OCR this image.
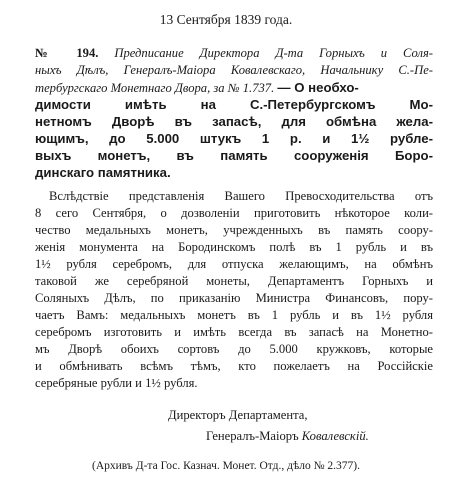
13 Сентября 1839 года.
№ 194. Предписание Директора Д-та Горныхъ и Соля-
ныхъ Дѣлъ, Генералъ-Маіора Ковалевскаго, Начальнику С.-Пе-
тербургскаго Монетнаго Двора, за № 1.737. — О необхо-
димости имѣть на С.-Петербургскомъ Мо-
нетномъ Дворѣ въ запасѣ, для обмѣна жела-
ющимъ, до 5.000 штукъ 1 р. и 1½ рубле-
выхъ монетъ, въ память сооруженія Боро-
динскаго памятника.
Вслѣдствіе представленія Вашего Превосходительства отъ
8 сего Сентября, о дозволеніи приготовить нѣкоторое коли-
чество медальныхъ монетъ, учрежденныхъ въ память соору-
женія монумента на Бородинскомъ полѣ въ 1 рубль и въ
1½ рубля серебромъ, для отпуска желающимъ, на обмѣнъ
таковой же серебряной монеты, Департаментъ Горныхъ и
Соляныхъ Дѣлъ, по приказанію Министра Финансовъ, пору-
чаетъ Вамъ: медальныхъ монетъ въ 1 рубль и въ 1½ рубля
серебромъ изготовить и имѣть всегда въ запасѣ на Монетно-
мъ Дворѣ обоихъ сортовъ до 5.000 кружковъ, которые
и обмѣнивать всѣмъ тѣмъ, кто пожелаетъ на Россійскіе
серебряные рубли и 1½ рубля.
Директоръ Департамента,
Генералъ-Маіоръ Ковалевскій.
(Архивъ Д-та Гос. Казнач. Монет. Отд., дѣло № 2.377).
